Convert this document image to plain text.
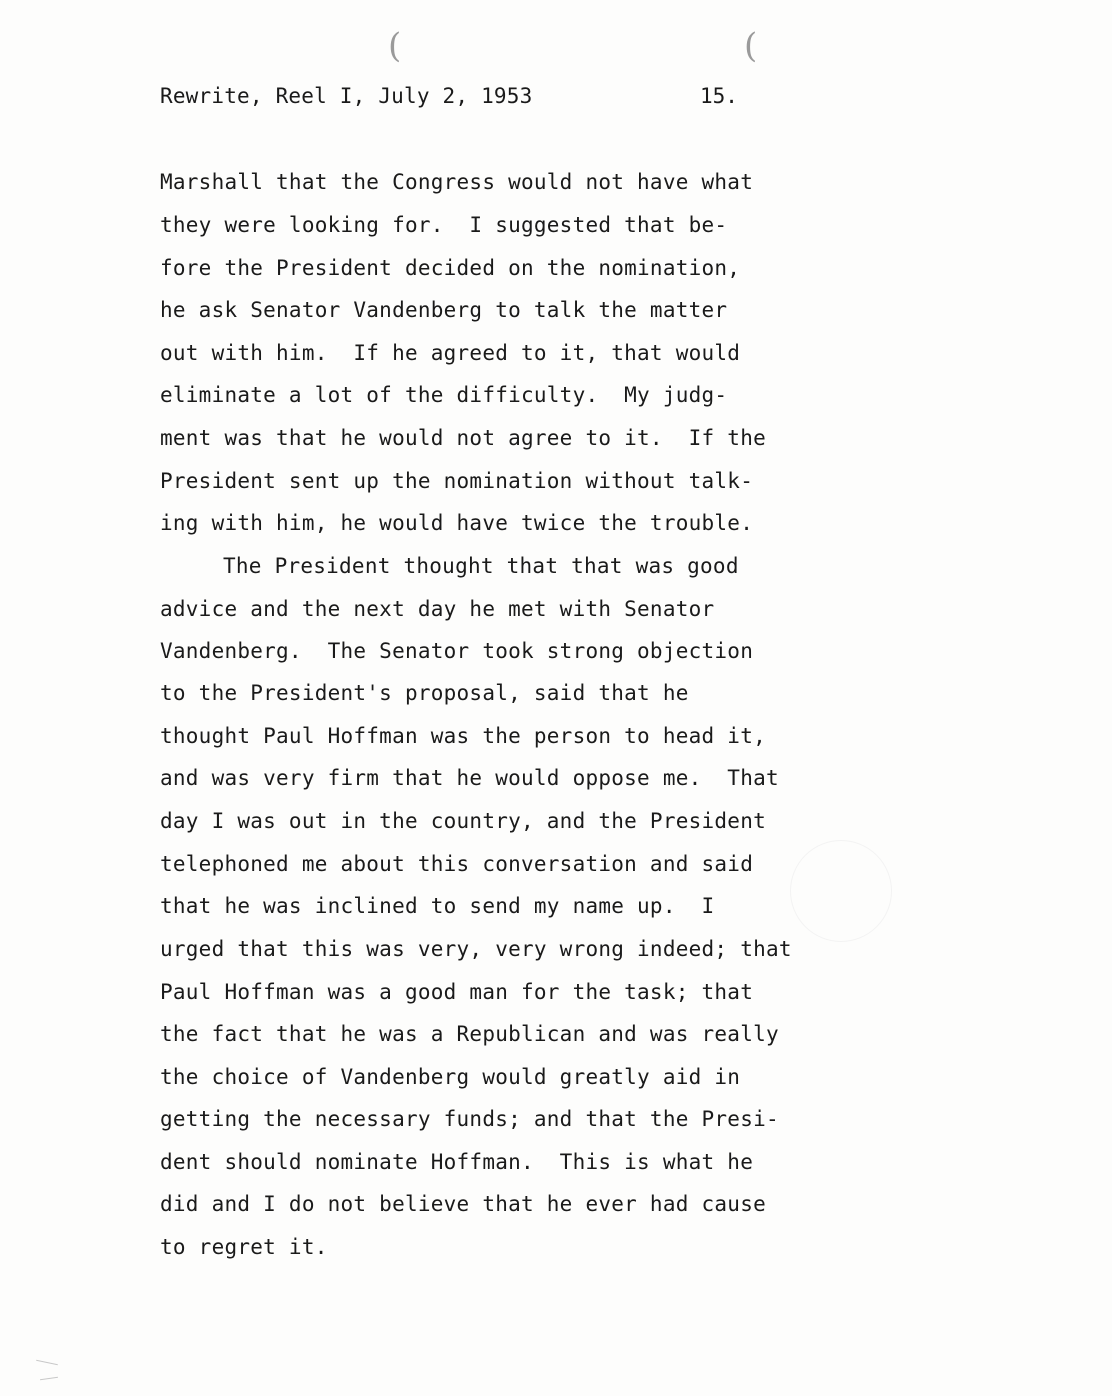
(	(
Rewrite, Reel I, July 2, 1953	15.
Marshall that the Congress would not have what
they were looking for.  I suggested that be-
fore the President decided on the nomination,
he ask Senator Vandenberg to talk the matter
out with him.  If he agreed to it, that would
eliminate a lot of the difficulty.  My judg-
ment was that he would not agree to it.  If the
President sent up the nomination without talk-
ing with him, he would have twice the trouble.
The President thought that that was good
advice and the next day he met with Senator
Vandenberg.  The Senator took strong objection
to the President's proposal, said that he
thought Paul Hoffman was the person to head it,
and was very firm that he would oppose me.  That
day I was out in the country, and the President
telephoned me about this conversation and said
that he was inclined to send my name up.  I
urged that this was very, very wrong indeed; that
Paul Hoffman was a good man for the task; that
the fact that he was a Republican and was really
the choice of Vandenberg would greatly aid in
getting the necessary funds; and that the Presi-
dent should nominate Hoffman.  This is what he
did and I do not believe that he ever had cause
to regret it.
